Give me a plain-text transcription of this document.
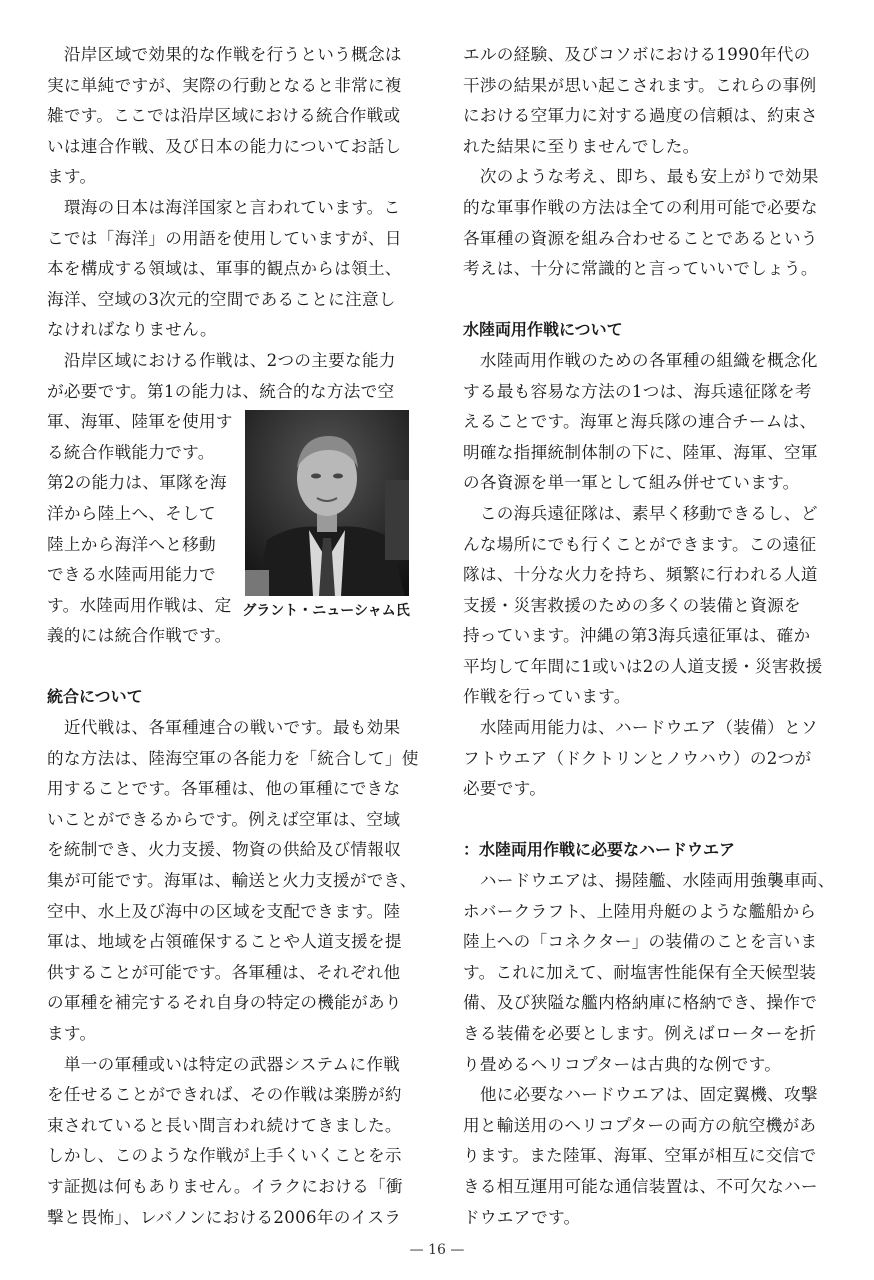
　沿岸区域で効果的な作戦を行うという概念は
実に単純ですが、実際の行動となると非常に複
雑です。ここでは沿岸区域における統合作戦或
いは連合作戦、及び日本の能力についてお話し
ます。
　環海の日本は海洋国家と言われています。こ
こでは「海洋」の用語を使用していますが、日
本を構成する領域は、軍事的観点からは領土、
海洋、空域の3次元的空間であることに注意し
なければなりません。
　沿岸区域における作戦は、2つの主要な能力
が必要です。第1の能力は、統合的な方法で空
軍、海軍、陸軍を使用す
る統合作戦能力です。
第2の能力は、軍隊を海
洋から陸上へ、そして
陸上から海洋へと移動
できる水陸両用能力で
す。水陸両用作戦は、定
義的には統合作戦です。
統合について
　近代戦は、各軍種連合の戦いです。最も効果
的な方法は、陸海空軍の各能力を「統合して」使
用することです。各軍種は、他の軍種にできな
いことができるからです。例えば空軍は、空域
を統制でき、火力支援、物資の供給及び情報収
集が可能です。海軍は、輸送と火力支援ができ、
空中、水上及び海中の区域を支配できます。陸
軍は、地域を占領確保することや人道支援を提
供することが可能です。各軍種は、それぞれ他
の軍種を補完するそれ自身の特定の機能があり
ます。
　単一の軍種或いは特定の武器システムに作戦
を任せることができれば、その作戦は楽勝が約
束されていると長い間言われ続けてきました。
しかし、このような作戦が上手くいくことを示
す証拠は何もありません。イラクにおける「衝
撃と畏怖」、レバノンにおける2006年のイスラ
エルの経験、及びコソボにおける1990年代の
干渉の結果が思い起こされます。これらの事例
における空軍力に対する過度の信頼は、約束さ
れた結果に至りませんでした。
　次のような考え、即ち、最も安上がりで効果
的な軍事作戦の方法は全ての利用可能で必要な
各軍種の資源を組み合わせることであるという
考えは、十分に常識的と言っていいでしょう。
水陸両用作戦について
　水陸両用作戦のための各軍種の組織を概念化
する最も容易な方法の1つは、海兵遠征隊を考
えることです。海軍と海兵隊の連合チームは、
明確な指揮統制体制の下に、陸軍、海軍、空軍
の各資源を単一軍として組み併せています。
　この海兵遠征隊は、素早く移動できるし、ど
んな場所にでも行くことができます。この遠征
隊は、十分な火力を持ち、頻繁に行われる人道
支援・災害救援のための多くの装備と資源を
持っています。沖縄の第3海兵遠征軍は、確か
平均して年間に1或いは2の人道支援・災害救援
作戦を行っています。
　水陸両用能力は、ハードウエア（装備）とソ
フトウエア（ドクトリンとノウハウ）の2つが
必要です。
：水陸両用作戦に必要なハードウエア
　ハードウエアは、揚陸艦、水陸両用強襲車両、
ホバークラフト、上陸用舟艇のような艦船から
陸上への「コネクター」の装備のことを言いま
す。これに加えて、耐塩害性能保有全天候型装
備、及び狭隘な艦内格納庫に格納でき、操作で
きる装備を必要とします。例えばローターを折
り畳めるヘリコプターは古典的な例です。
　他に必要なハードウエアは、固定翼機、攻撃
用と輸送用のヘリコプターの両方の航空機があ
ります。また陸軍、海軍、空軍が相互に交信で
きる相互運用可能な通信装置は、不可欠なハー
ドウエアです。
グラント・ニューシャム氏
— 16 —
